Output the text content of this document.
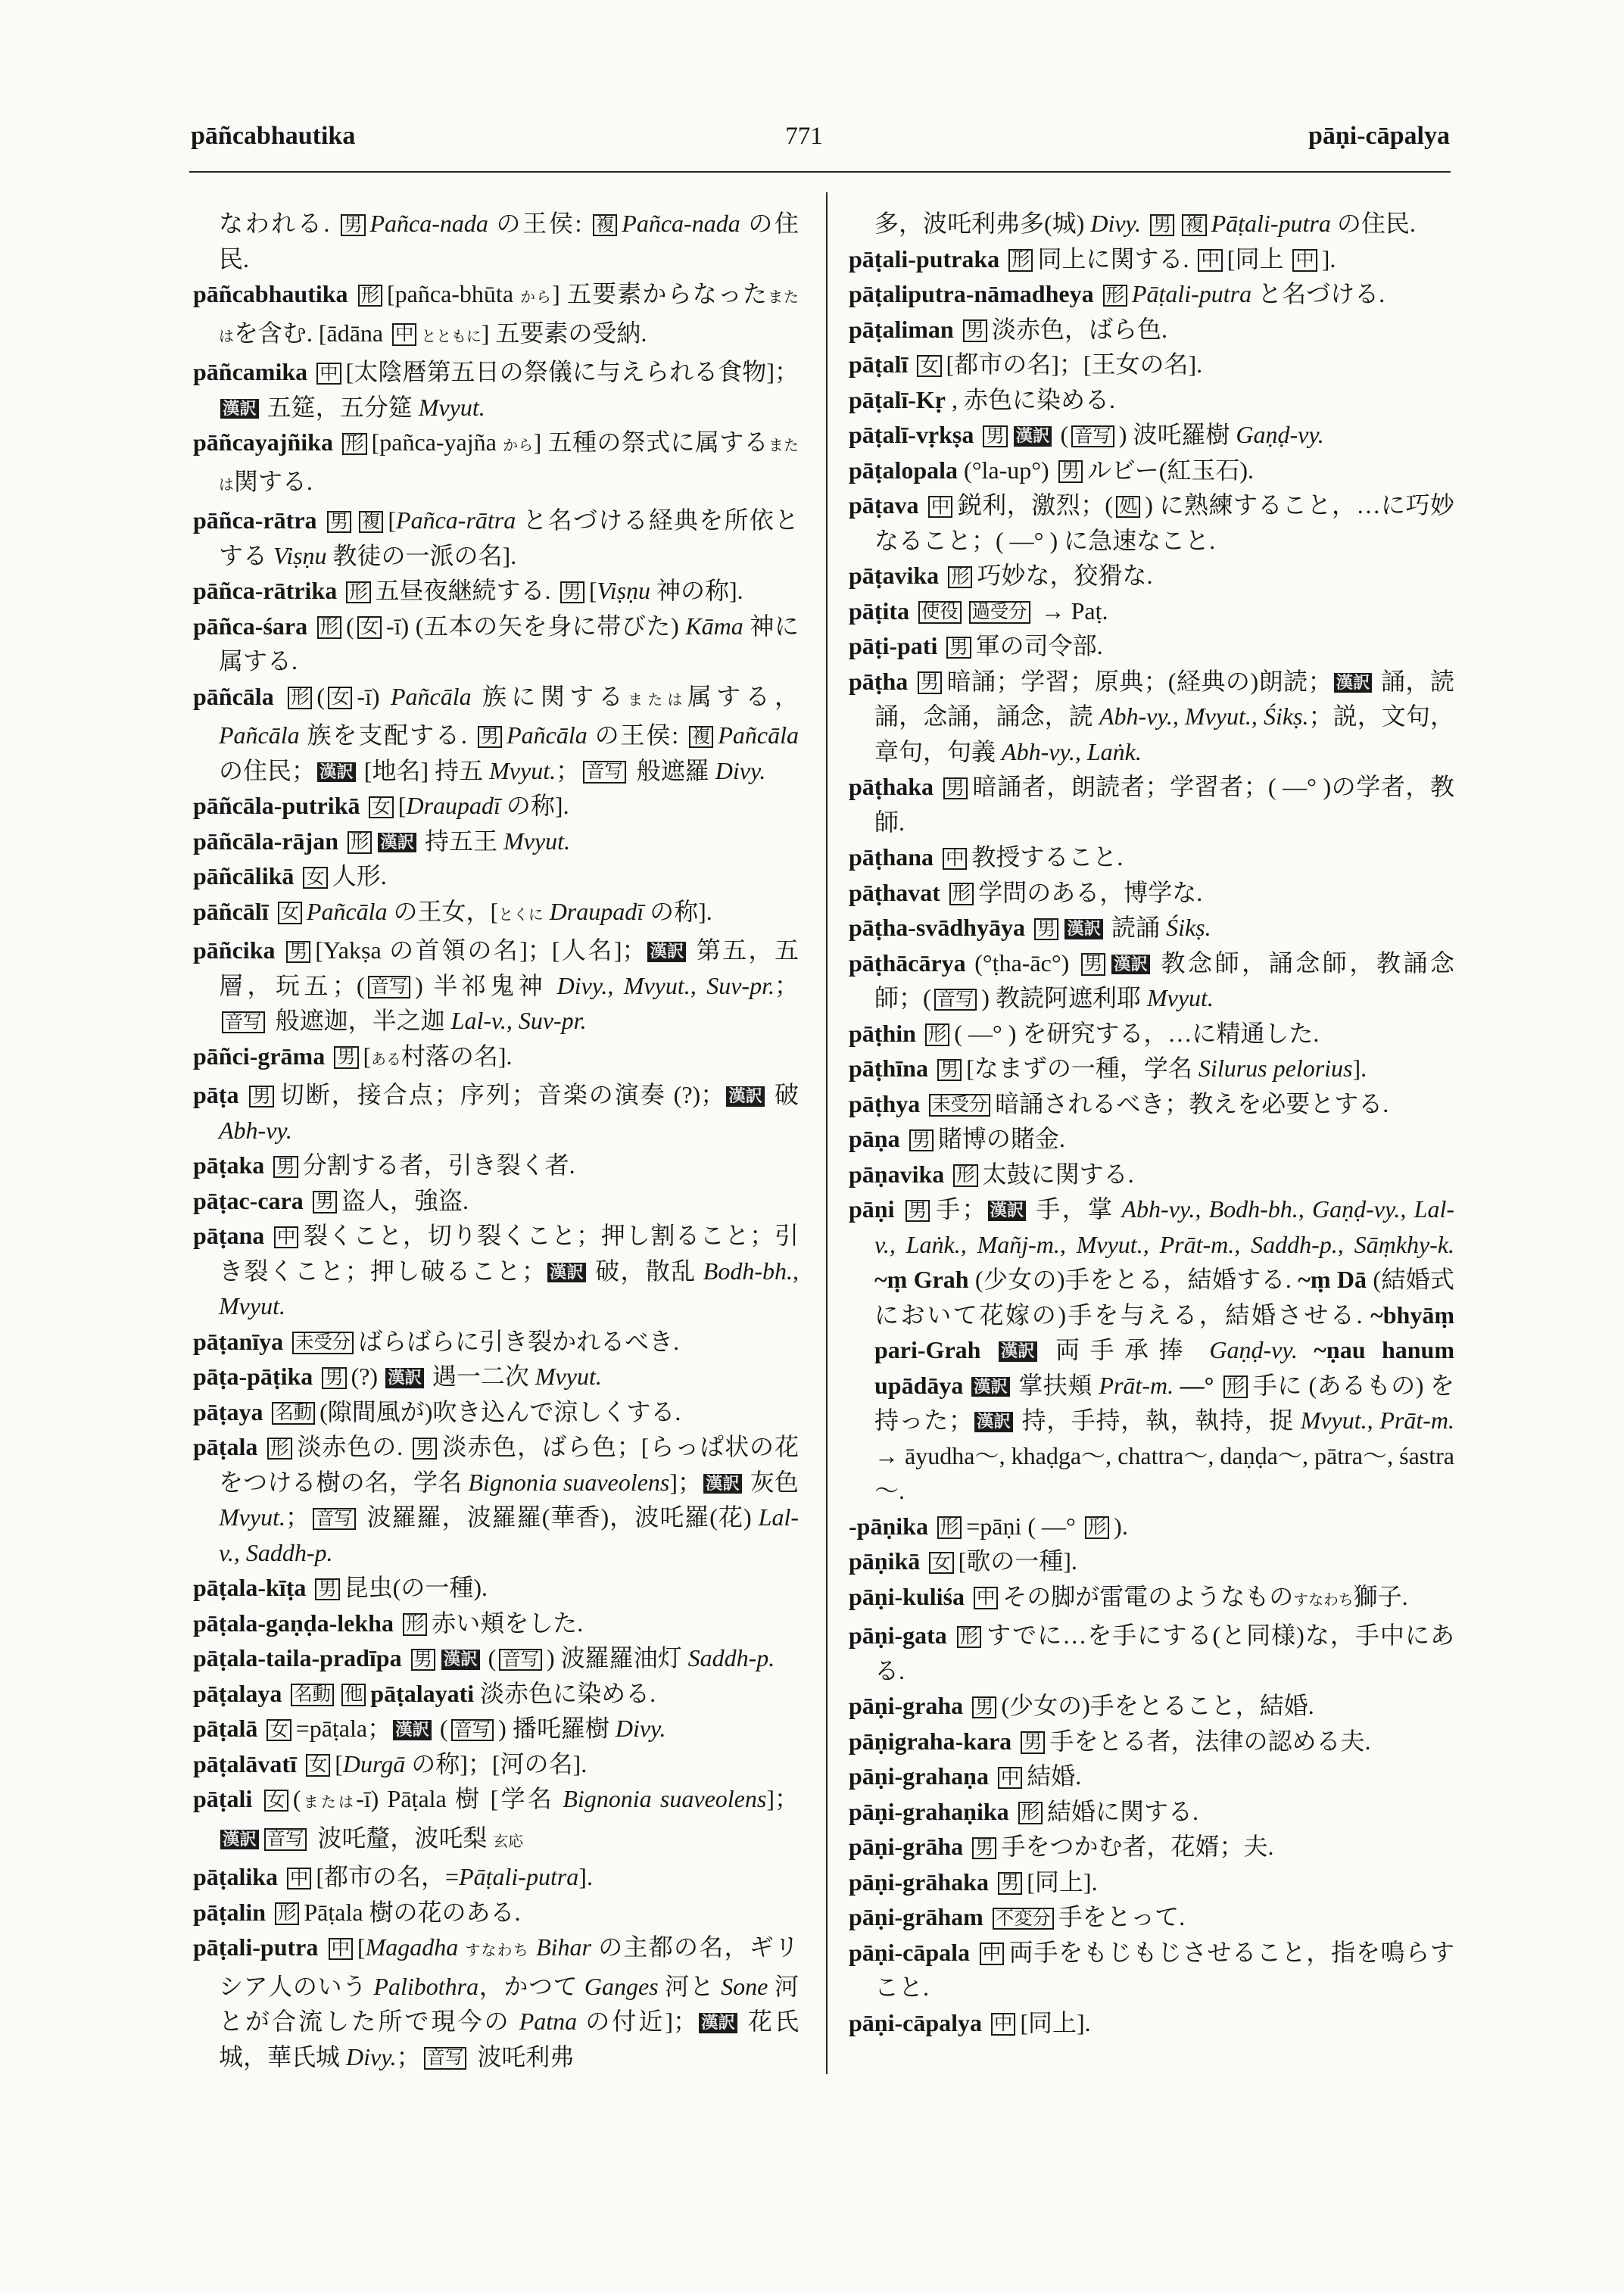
pāñcabhautika	771	pāṇi-cāpalya
なわれる. 男 Pañca-nada の王侯: 複 Pañca-nada の住民.
pāñcabhautika 形 [pañca-bhūta から] 五要素からなったまたはを含む. [ādāna 中 とともに] 五要素の受納.
pāñcamika 中 [太陰暦第五日の祭儀に与えられる食物]；漢訳 五筵，五分筵 Mvyut.
pāñcayajñika 形 [pañca-yajña から] 五種の祭式に属するまたは関する.
pāñca-rātra 男 複 [Pañca-rātra と名づける経典を所依とする Viṣṇu 教徒の一派の名].
pāñca-rātrika 形 五昼夜継続する. 男 [Viṣṇu 神の称].
pāñca-śara 形 ( 女 -ī) (五本の矢を身に帯びた) Kāma 神に属する.
pāñcāla 形 ( 女 -ī) Pañcāla 族に関するまたは属する，Pañcāla 族を支配する. 男 Pañcāla の王侯: 複 Pañcāla の住民； 漢訳 [地名] 持五 Mvyut.； 音写 般遮羅 Divy.
pāñcāla-putrikā 女 [Draupadī の称].
pāñcāla-rājan 形 漢訳 持五王 Mvyut.
pāñcālikā 女 人形.
pāñcālī 女 Pañcāla の王女，[とくに Draupadī の称].
pāñcika 男 [Yakṣa の首領の名]；[人名]； 漢訳 第五，五層，玩五；( 音写 ) 半祁鬼神 Divy., Mvyut., Suv-pr.；音写 般遮迦，半之迦 Lal-v., Suv-pr.
pāñci-grāma 男 [ある村落の名].
pāṭa 男 切断，接合点；序列；音楽の演奏 (?)； 漢訳 破 Abh-vy.
pāṭaka 男 分割する者，引き裂く者.
pāṭac-cara 男 盗人，強盗.
pāṭana 中 裂くこと，切り裂くこと；押し割ること；引き裂くこと；押し破ること； 漢訳 破，散乱 Bodh-bh., Mvyut.
pāṭanīya 未受分 ばらばらに引き裂かれるべき.
pāṭa-pāṭika 男 (?) 漢訳 遇一二次 Mvyut.
pāṭaya 名動 (隙間風が)吹き込んで涼しくする.
pāṭala 形 淡赤色の. 男 淡赤色，ばら色；[らっぱ状の花をつける樹の名，学名 Bignonia suaveolens]； 漢訳 灰色 Mvyut.； 音写 波羅羅，波羅羅(華香)，波吒羅(花) Lal-v., Saddh-p.
pāṭala-kīṭa 男 昆虫(の一種).
pāṭala-gaṇḍa-lekha 形 赤い頬をした.
pāṭala-taila-pradīpa 男 漢訳 ( 音写 ) 波羅羅油灯 Saddh-p.
pāṭalaya 名動 他 pāṭalayati 淡赤色に染める.
pāṭalā 女 =pāṭala； 漢訳 ( 音写 ) 播吒羅樹 Divy.
pāṭalāvatī 女 [Durgā の称]；[河の名].
pāṭali 女 (または-ī) Pāṭala 樹 [学名 Bignonia suaveolens]；漢訳 音写 波吒釐，波吒梨 玄応
pāṭalika 中 [都市の名，=Pāṭali-putra].
pāṭalin 形 Pāṭala 樹の花のある.
pāṭali-putra 中 [Magadha すなわち Bihar の主都の名，ギリシア人のいう Palibothra，かつて Ganges 河と Sone 河とが合流した所で現今の Patna の付近]； 漢訳 花氏城，華氏城 Divy.； 音写 波吒利弗
多，波吒利弗多(城) Divy. 男 複 Pāṭali-putra の住民.
pāṭali-putraka 形 同上に関する. 中 [同上 中 ].
pāṭaliputra-nāmadheya 形 Pāṭali-putra と名づける.
pāṭaliman 男 淡赤色，ばら色.
pāṭalī 女 [都市の名]；[王女の名].
pāṭalī-Kṛ , 赤色に染める.
pāṭalī-vṛkṣa 男 漢訳 ( 音写 ) 波吒羅樹 Gaṇḍ-vy.
pāṭalopala (°la-up°) 男 ルビー(紅玉石).
pāṭava 中 鋭利，激烈；( 処 ) に熟練すること，…に巧妙なること；( —° ) に急速なこと.
pāṭavika 形 巧妙な，狡猾な.
pāṭita 使役 過受分 → Paṭ.
pāṭi-pati 男 軍の司令部.
pāṭha 男 暗誦；学習；原典；(経典の)朗読； 漢訳 誦，読誦，念誦，誦念，読 Abh-vy., Mvyut., Śikṣ.；説，文句，章句，句義 Abh-vy., Laṅk.
pāṭhaka 男 暗誦者，朗読者；学習者；( —° )の学者，教師.
pāṭhana 中 教授すること.
pāṭhavat 形 学問のある，博学な.
pāṭha-svādhyāya 男 漢訳 読誦 Śikṣ.
pāṭhācārya (°ṭha-āc°) 男 漢訳 教念師，誦念師，教誦念師；( 音写 ) 教読阿遮利耶 Mvyut.
pāṭhin 形 ( —° ) を研究する，…に精通した.
pāṭhīna 男 [なまずの一種，学名 Silurus pelorius].
pāṭhya 未受分 暗誦されるべき；教えを必要とする.
pāṇa 男 賭博の賭金.
pāṇavika 形 太鼓に関する.
pāṇi 男 手； 漢訳 手，掌 Abh-vy., Bodh-bh., Gaṇḍ-vy., Lal-v., Laṅk., Mañj-m., Mvyut., Prāt-m., Saddh-p., Sāṃkhy-k. ~ṃ Grah (少女の)手をとる，結婚する. ~ṃ Dā (結婚式において花嫁の)手を与える，結婚させる. ~bhyāṃ pari-Grah 漢訳 両手承捧 Gaṇḍ-vy. ~ṇau hanum upādāya 漢訳 掌扶頬 Prāt-m. —° 形 手に (あるもの) を持った； 漢訳 持，手持，執，執持，捉 Mvyut., Prāt-m. → āyudha～, khaḍga～, chattra～, daṇḍa～, pātra～, śastra～.
-pāṇika 形 =pāṇi ( —° 形 ).
pāṇikā 女 [歌の一種].
pāṇi-kuliśa 中 その脚が雷電のようなものすなわち獅子.
pāṇi-gata 形 すでに…を手にする(と同様)な，手中にある.
pāṇi-graha 男 (少女の)手をとること，結婚.
pāṇigraha-kara 男 手をとる者，法律の認める夫.
pāṇi-grahaṇa 中 結婚.
pāṇi-grahaṇika 形 結婚に関する.
pāṇi-grāha 男 手をつかむ者，花婿；夫.
pāṇi-grāhaka 男 [同上].
pāṇi-grāham 不変分 手をとって.
pāṇi-cāpala 中 両手をもじもじさせること，指を鳴らすこと.
pāṇi-cāpalya 中 [同上].
